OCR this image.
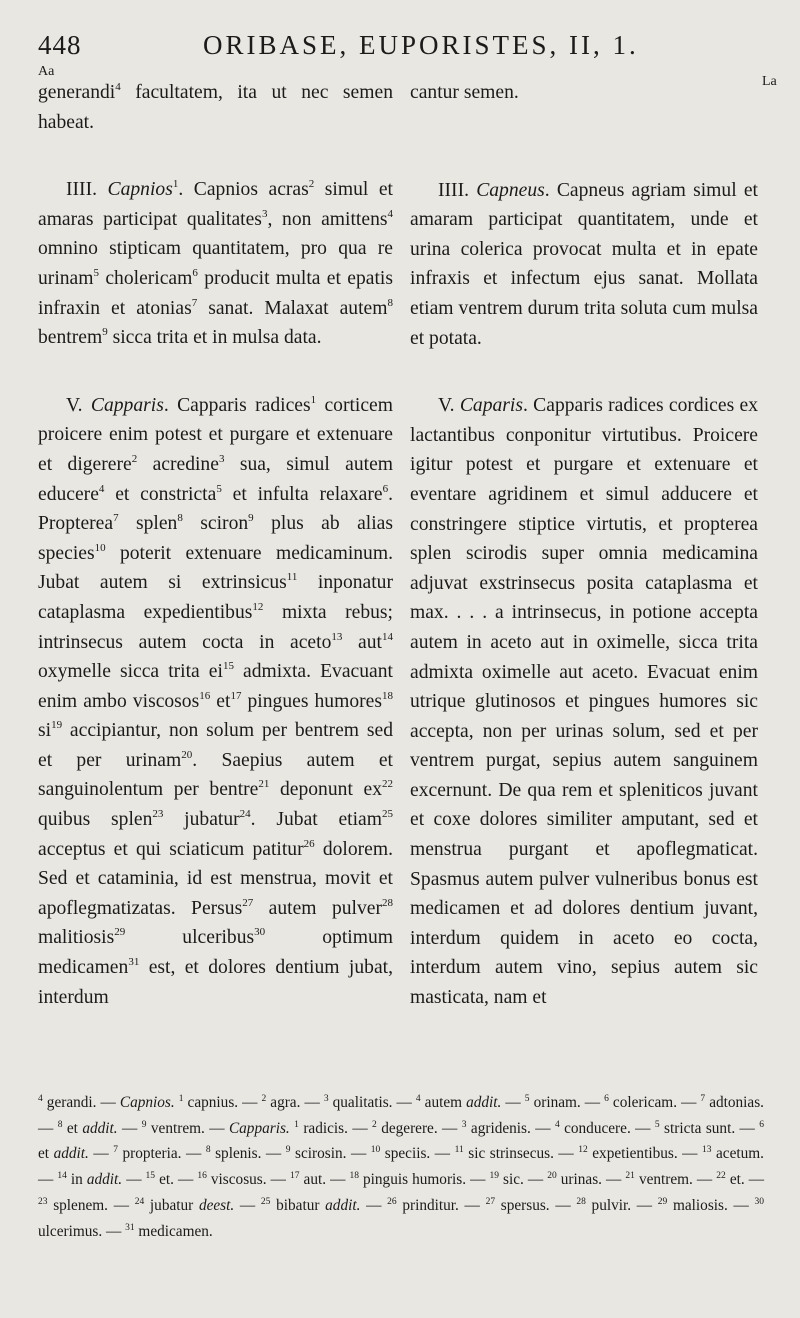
448	ORIBASE, EUPORISTES, II, 1.
Aa
La

generandi$^4$ facultatem, ita ut nec semen habeat.

IIII. Capnios$^1$. Capnios acras$^2$ simul et amaras participat qualitates$^3$, non amittens$^4$ omnino stipticam quantitatem, pro qua re urinam$^5$ cholericam$^6$ producit multa et epatis infraxin et atonias$^7$ sanat. Malaxat autem$^8$ bentrem$^9$ sicca trita et in mulsa data.

V. Capparis. Capparis radices$^1$ corticem proicere enim potest et purgare et extenuare et digerere$^2$ acredine$^3$ sua, simul autem educere$^4$ et constricta$^5$ et infulta relaxare$^6$. Propterea$^7$ splen$^8$ sciron$^9$ plus ab alias species$^{10}$ poterit extenuare medicaminum. Jubat autem si extrinsicus$^{11}$ inponatur cataplasma expedientibus$^{12}$ mixta rebus; intrinsecus autem cocta in aceto$^{13}$ aut$^{14}$ oxymelle sicca trita $ei^{15}$ admixta. Evacuant enim ambo viscosos$^{16}$ $et^{17}$ pingues humores$^{18}$ $si^{19}$ accipiantur, non solum per bentrem sed et per urinam$^{20}$. Saepius autem et sanguinolentum per bentre$^{21}$ deponunt $ex^{22}$ quibus splen$^{23}$ jubatur$^{24}$. Jubat etiam$^{25}$ acceptus et qui sciaticum patitur$^{26}$ dolorem. Sed et cataminia, id est menstrua, movit et apoflegmatizatas. Persus$^{27}$ autem pulver$^{28}$ malitiosis$^{29}$ ulceribus$^{30}$ optimum medicamen$^{31}$ est, et dolores dentium jubat, interdum

cantur semen.

IIII. Capneus. Capneus agriam simul et amaram participat quantitatem, unde et urina colerica provocat multa et in epate infraxis et infectum ejus sanat. Mollata etiam ventrem durum trita soluta cum mulsa et potata.

V. Caparis. Capparis radices cordices ex lactantibus conponitur virtutibus. Proicere igitur potest et purgare et extenuare et eventare agridinem et simul adducere et constringere stiptice virtutis, et propterea splen scirodis super omnia medicamina adjuvat exstrinsecus posita cataplasma et max. . . . a intrinsecus, in potione accepta autem in aceto aut in oximelle, sicca trita admixta oximelle aut aceto. Evacuat enim utrique glutinosos et pingues humores sic accepta, non per urinas solum, sed et per ventrem purgat, sepius autem sanguinem excernunt. De qua rem et spleniticos juvant et coxe dolores similiter amputant, sed et menstrua purgant et apoflegmaticat. Spasmus autem pulver vulneribus bonus est medicamen et ad dolores dentium juvant, interdum quidem in aceto eo cocta, interdum autem vino, sepius autem sic masticata, nam et

$^4$ gerandi. — Capnios. $^1$ capnius. — $^2$ agra. — $^3$ qualitatis. — $^4$ autem addit. — $^5$ orinam. — $^6$ colericam. — $^7$ adtonias. — $^8$ et addit. — $^9$ ventrem. — Capparis. $^1$ radicis. — $^2$ degerere. — $^3$ agridenis. — $^4$ conducere. — $^5$ stricta sunt. — $^6$ et addit. — $^7$ propteria. — $^8$ splenis. — $^9$ scirosin. — $^{10}$ speciis. — $^{11}$ sic strinsecus. — $^{12}$ expetientibus. — $^{13}$ acetum. — $^{14}$ in addit. — $^{15}$ et. — $^{16}$ viscosus. — $^{17}$ aut. — $^{18}$ pinguis humoris. — $^{19}$ sic. — $^{20}$ urinas. — $^{21}$ ventrem. — $^{22}$ et. — $^{23}$ splenem. — $^{24}$ jubatur deest. — $^{25}$ bibatur addit. — $^{26}$ prinditur. — $^{27}$ spersus. — $^{28}$ pulvir. — $^{29}$ maliosis. — $^{30}$ ulcerimus. — $^{31}$ medicamen.
